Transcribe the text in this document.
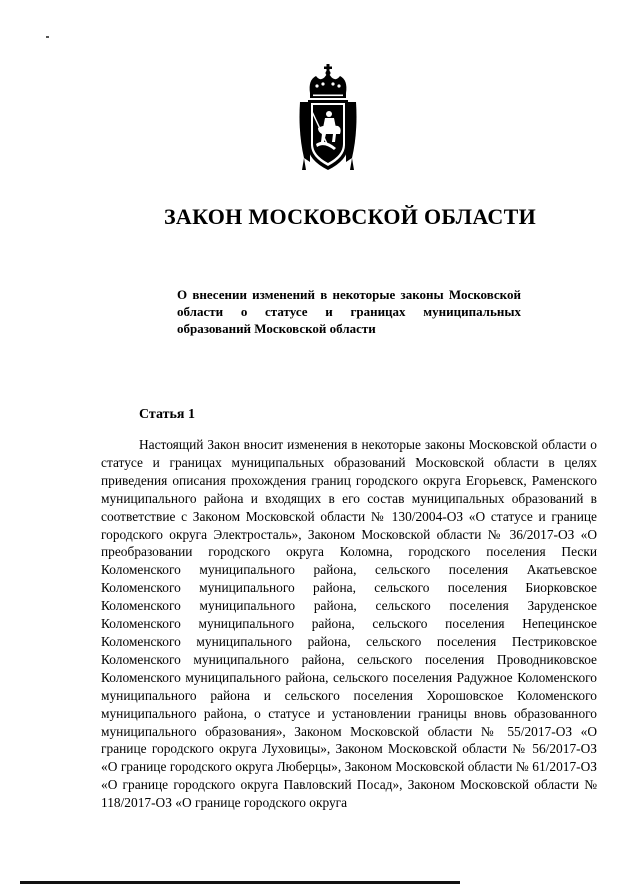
ЗАКОН МОСКОВСКОЙ ОБЛАСТИ

О внесении изменений в некоторые законы Московской области о статусе и границах муниципальных образований Московской области

Статья 1

Настоящий Закон вносит изменения в некоторые законы Московской области о статусе и границах муниципальных образований Московской области в целях приведения описания прохождения границ городского округа Егорьевск, Раменского муниципального района и входящих в его состав муниципальных образований в соответствие с Законом Московской области № 130/2004-ОЗ «О статусе и границе городского округа Электросталь», Законом Московской области № 36/2017-ОЗ «О преобразовании городского округа Коломна, городского поселения Пески Коломенского муниципального района, сельского поселения Акатьевское Коломенского муниципального района, сельского поселения Биорковское Коломенского муниципального района, сельского поселения Заруденское Коломенского муниципального района, сельского поселения Непецинское Коломенского муниципального района, сельского поселения Пестриковское Коломенского муниципального района, сельского поселения Проводниковское Коломенского муниципального района, сельского поселения Радужное Коломенского муниципального района и сельского поселения Хорошовское Коломенского муниципального района, о статусе и установлении границы вновь образованного муниципального образования», Законом Московской области № 55/2017-ОЗ «О границе городского округа Луховицы», Законом Московской области № 56/2017-ОЗ «О границе городского округа Люберцы», Законом Московской области № 61/2017-ОЗ «О границе городского округа Павловский Посад», Законом Московской области № 118/2017-ОЗ «О границе городского округа
